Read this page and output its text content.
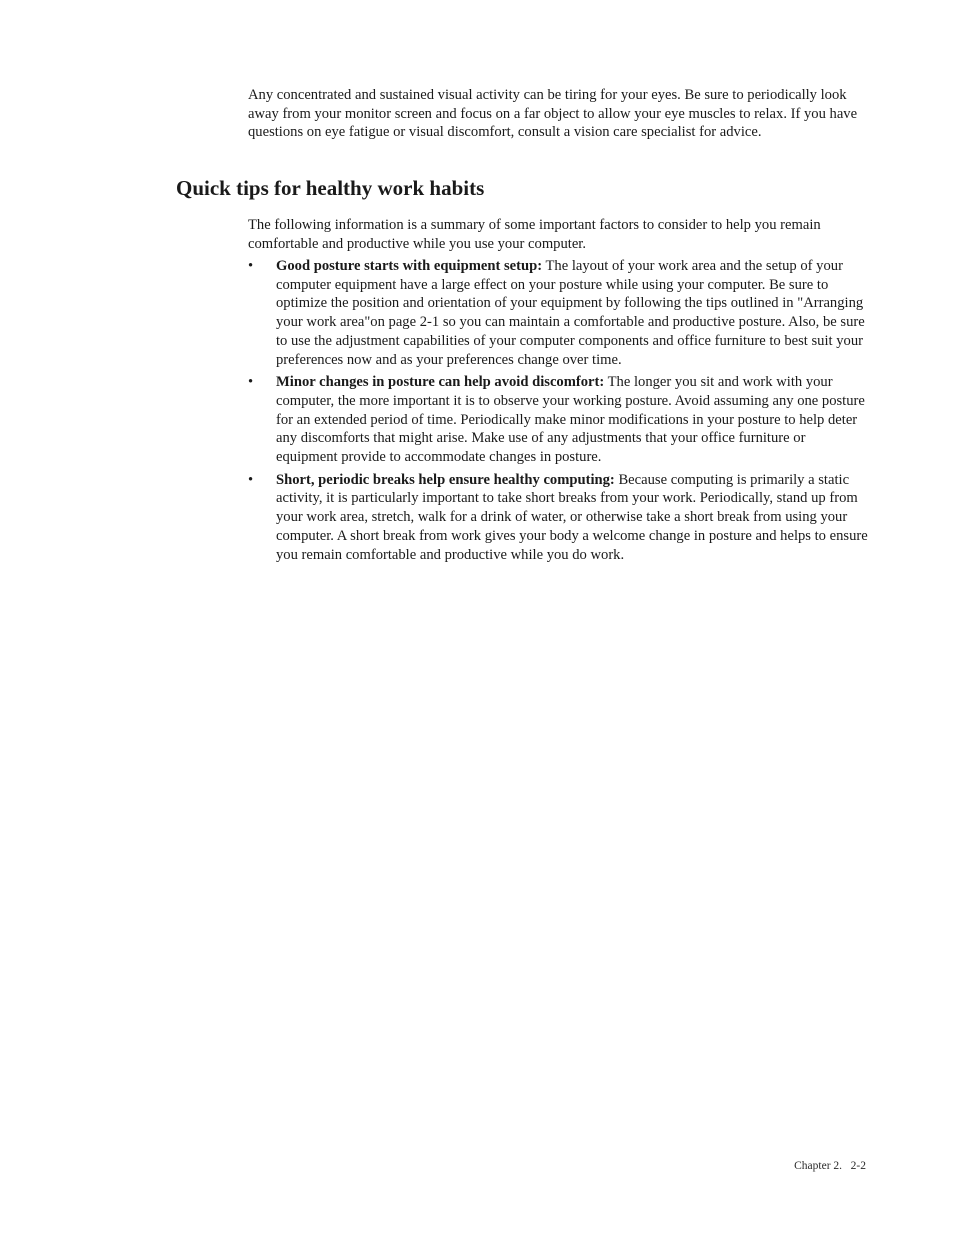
Any concentrated and sustained visual activity can be tiring for your eyes. Be sure to periodically look away from your monitor screen and focus on a far object to allow your eye muscles to relax. If you have questions on eye fatigue or visual discomfort, consult a vision care specialist for advice.

Quick tips for healthy work habits

The following information is a summary of some important factors to consider to help you remain comfortable and productive while you use your computer.

• Good posture starts with equipment setup: The layout of your work area and the setup of your computer equipment have a large effect on your posture while using your computer. Be sure to optimize the position and orientation of your equipment by following the tips outlined in "Arranging your work area"on page 2-1 so you can maintain a comfortable and productive posture. Also, be sure to use the adjustment capabilities of your computer components and office furniture to best suit your preferences now and as your preferences change over time.
• Minor changes in posture can help avoid discomfort: The longer you sit and work with your computer, the more important it is to observe your working posture. Avoid assuming any one posture for an extended period of time. Periodically make minor modifications in your posture to help deter any discomforts that might arise. Make use of any adjustments that your office furniture or equipment provide to accommodate changes in posture.
• Short, periodic breaks help ensure healthy computing: Because computing is primarily a static activity, it is particularly important to take short breaks from your work. Periodically, stand up from your work area, stretch, walk for a drink of water, or otherwise take a short break from using your computer. A short break from work gives your body a welcome change in posture and helps to ensure you remain comfortable and productive while you do work.
Chapter 2.   2-2
